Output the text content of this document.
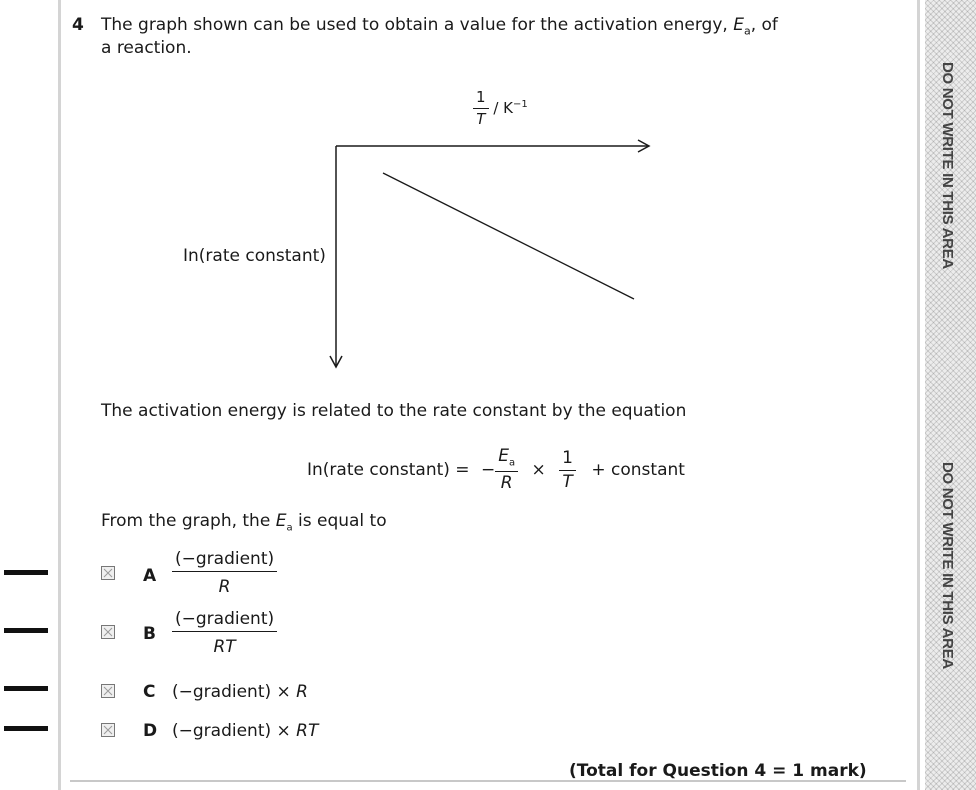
DO NOT WRITE IN THIS AREA
DO NOT WRITE IN THIS AREA
4 The graph shown can be used to obtain a value for the activation energy, $E_a$, of
a reaction.
$\frac{1}{T} / K^{-1}$
In(rate constant)
The activation energy is related to the rate constant by the equation
In(rate constant) = − $\frac{E_a}{R} \times \frac{1}{T}$ + constant
From the graph, the $E_a$ is equal to
A $\frac{\text{(−gradient)}}{R}$
B $\frac{\text{(−gradient)}}{RT}$
C (−gradient) × R
D (−gradient) × RT
(Total for Question 4 = 1 mark)
